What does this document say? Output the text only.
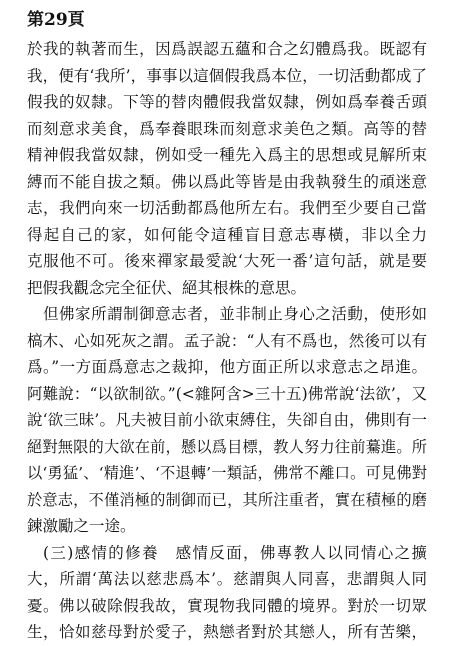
第29頁
於我的執著而生，因爲誤認五蘊和合之幻體爲我。既認有
我，便有‘我所’，事事以這個假我爲本位，一切活動都成了
假我的奴隸。下等的替肉體假我當奴隸，例如爲奉養舌頭
而刻意求美食，爲奉養眼珠而刻意求美色之類。高等的替
精神假我當奴隸，例如受一種先入爲主的思想或見解所束
縛而不能自拔之類。佛以爲此等皆是由我執發生的頑迷意
志，我們向來一切活動都爲他所左右。我們至少要自己當
得起自己的家，如何能令這種盲目意志專橫，非以全力
克服他不可。後來禪家最愛說‘大死一番’這句話，就是要
把假我觀念完全征伏、絕其根株的意思。
但佛家所謂制御意志者，並非制止身心之活動，使形如
槁木、心如死灰之謂。孟子說：“人有不爲也，然後可以有
爲。”一方面爲意志之裁抑，他方面正所以求意志之昂進。
阿難說：“以欲制欲。”(<雜阿含>三十五)佛常說‘法欲’，又
說‘欲三昧’。凡夫被目前小欲束縛住，失卻自由，佛則有一
絕對無限的大欲在前，懸以爲目標，教人努力往前驀進。所
以‘勇猛’、‘精進’、‘不退轉’一類話，佛常不離口。可見佛對
於意志，不僅消極的制御而已，其所注重者，實在積極的磨
鍊激勵之一途。
(三)感情的修養　感情反面，佛專教人以同情心之擴
大，所謂‘萬法以慈悲爲本’。慈謂與人同喜，悲謂與人同
憂。佛以破除假我故，實現物我同體的境界。對於一切眾
生，恰如慈母對於愛子，熱戀者對於其戀人，所有苦樂，
